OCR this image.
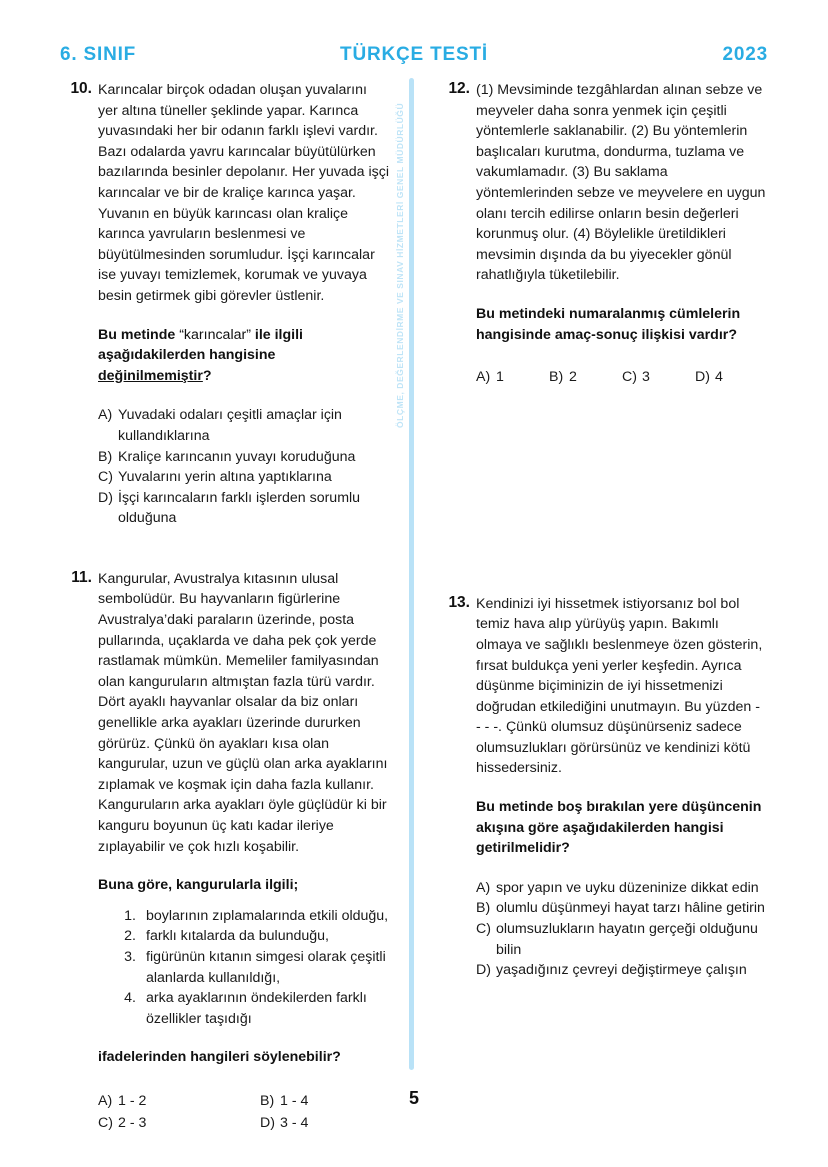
6. SINIF	TÜRKÇE TESTİ	2023
ÖLÇME, DEĞERLENDİRME VE SINAV HİZMETLERİ GENEL MÜDÜRLÜĞÜ
10. Karıncalar birçok odadan oluşan yuvalarını yer altına tüneller şeklinde yapar. Karınca yuvasındaki her bir odanın farklı işlevi vardır. Bazı odalarda yavru karıncalar büyütülürken bazılarında besinler depolanır. Her yuvada işçi karıncalar ve bir de kraliçe karınca yaşar. Yuvanın en büyük karıncası olan kraliçe karınca yavruların beslenmesi ve büyütülmesinden sorumludur. İşçi karıncalar ise yuvayı temizlemek, korumak ve yuvaya besin getirmek gibi görevler üstlenir.

Bu metinde “karıncalar” ile ilgili aşağıdakilerden hangisine değinilmemiştir?
A) Yuvadaki odaları çeşitli amaçlar için kullandıklarına
B) Kraliçe karıncanın yuvayı koruduğuna
C) Yuvalarını yerin altına yaptıklarına
D) İşçi karıncaların farklı işlerden sorumlu olduğuna
11. Kangurular, Avustralya kıtasının ulusal sembolüdür. Bu hayvanların figürlerine Avustralya’daki paraların üzerinde, posta pullarında, uçaklarda ve daha pek çok yerde rastlamak mümkün. Memeliler familyasından olan kanguruların altmıştan fazla türü vardır. Dört ayaklı hayvanlar olsalar da biz onları genellikle arka ayakları üzerinde dururken görürüz. Çünkü ön ayakları kısa olan kangurular, uzun ve güçlü olan arka ayaklarını zıplamak ve koşmak için daha fazla kullanır. Kanguruların arka ayakları öyle güçlüdür ki bir kanguru boyunun üç katı kadar ileriye zıplayabilir ve çok hızlı koşabilir.

Buna göre, kangurularla ilgili;
1. boylarının zıplamalarında etkili olduğu,
2. farklı kıtalarda da bulunduğu,
3. figürünün kıtanın simgesi olarak çeşitli alanlarda kullanıldığı,
4. arka ayaklarının öndekilerden farklı özellikler taşıdığı
ifadelerinden hangileri söylenebilir?
A) 1 - 2	B) 1 - 4
C) 2 - 3	D) 3 - 4
12. (1) Mevsiminde tezgâhlardan alınan sebze ve meyveler daha sonra yenmek için çeşitli yöntemlerle saklanabilir. (2) Bu yöntemlerin başlıcaları kurutma, dondurma, tuzlama ve vakumlamadır. (3) Bu saklama yöntemlerinden sebze ve meyvelere en uygun olanı tercih edilirse onların besin değerleri korunmuş olur. (4) Böylelikle üretildikleri mevsimin dışında da bu yiyecekler gönül rahatlığıyla tüketilebilir.

Bu metindeki numaralanmış cümlelerin hangisinde amaç-sonuç ilişkisi vardır?
A) 1	B) 2	C) 3	D) 4
13. Kendinizi iyi hissetmek istiyorsanız bol bol temiz hava alıp yürüyüş yapın. Bakımlı olmaya ve sağlıklı beslenmeye özen gösterin, fırsat buldukça yeni yerler keşfedin. Ayrıca düşünme biçiminizin de iyi hissetmenizi doğrudan etkilediğini unutmayın. Bu yüzden - - - -. Çünkü olumsuz düşünürseniz sadece olumsuzlukları görürsünüz ve kendinizi kötü hissedersiniz.

Bu metinde boş bırakılan yere düşüncenin akışına göre aşağıdakilerden hangisi getirilmelidir?
A) spor yapın ve uyku düzeninize dikkat edin
B) olumlu düşünmeyi hayat tarzı hâline getirin
C) olumsuzlukların hayatın gerçeği olduğunu bilin
D) yaşadığınız çevreyi değiştirmeye çalışın
5
